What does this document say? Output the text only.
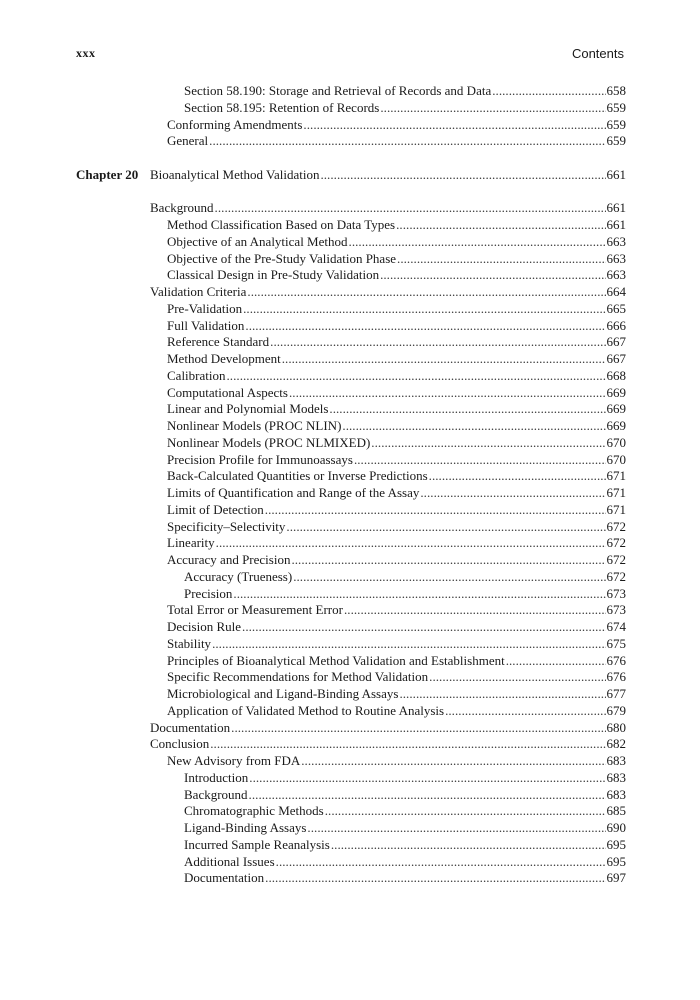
xxx	Contents
Section 58.190: Storage and Retrieval of Records and Data . . .	658
Section 58.195: Retention of Records . . .	659
Conforming Amendments . . .	659
General . . .	659
Chapter 20 Bioanalytical Method Validation . . .	661
Background . . .	661
Method Classification Based on Data Types . . .	661
Objective of an Analytical Method . . .	663
Objective of the Pre-Study Validation Phase . . .	663
Classical Design in Pre-Study Validation . . .	663
Validation Criteria . . .	664
Pre-Validation . . .	665
Full Validation . . .	666
Reference Standard . . .	667
Method Development . . .	667
Calibration . . .	668
Computational Aspects . . .	669
Linear and Polynomial Models . . .	669
Nonlinear Models (PROC NLIN) . . .	669
Nonlinear Models (PROC NLMIXED) . . .	670
Precision Profile for Immunoassays . . .	670
Back-Calculated Quantities or Inverse Predictions . . .	671
Limits of Quantification and Range of the Assay . . .	671
Limit of Detection . . .	671
Specificity–Selectivity . . .	672
Linearity . . .	672
Accuracy and Precision . . .	672
Accuracy (Trueness) . . .	672
Precision . . .	673
Total Error or Measurement Error . . .	673
Decision Rule . . .	674
Stability . . .	675
Principles of Bioanalytical Method Validation and Establishment . . .	676
Specific Recommendations for Method Validation . . .	676
Microbiological and Ligand-Binding Assays . . .	677
Application of Validated Method to Routine Analysis . . .	679
Documentation . . .	680
Conclusion . . .	682
New Advisory from FDA . . .	683
Introduction . . .	683
Background . . .	683
Chromatographic Methods . . .	685
Ligand-Binding Assays . . .	690
Incurred Sample Reanalysis . . .	695
Additional Issues . . .	695
Documentation . . .	697
